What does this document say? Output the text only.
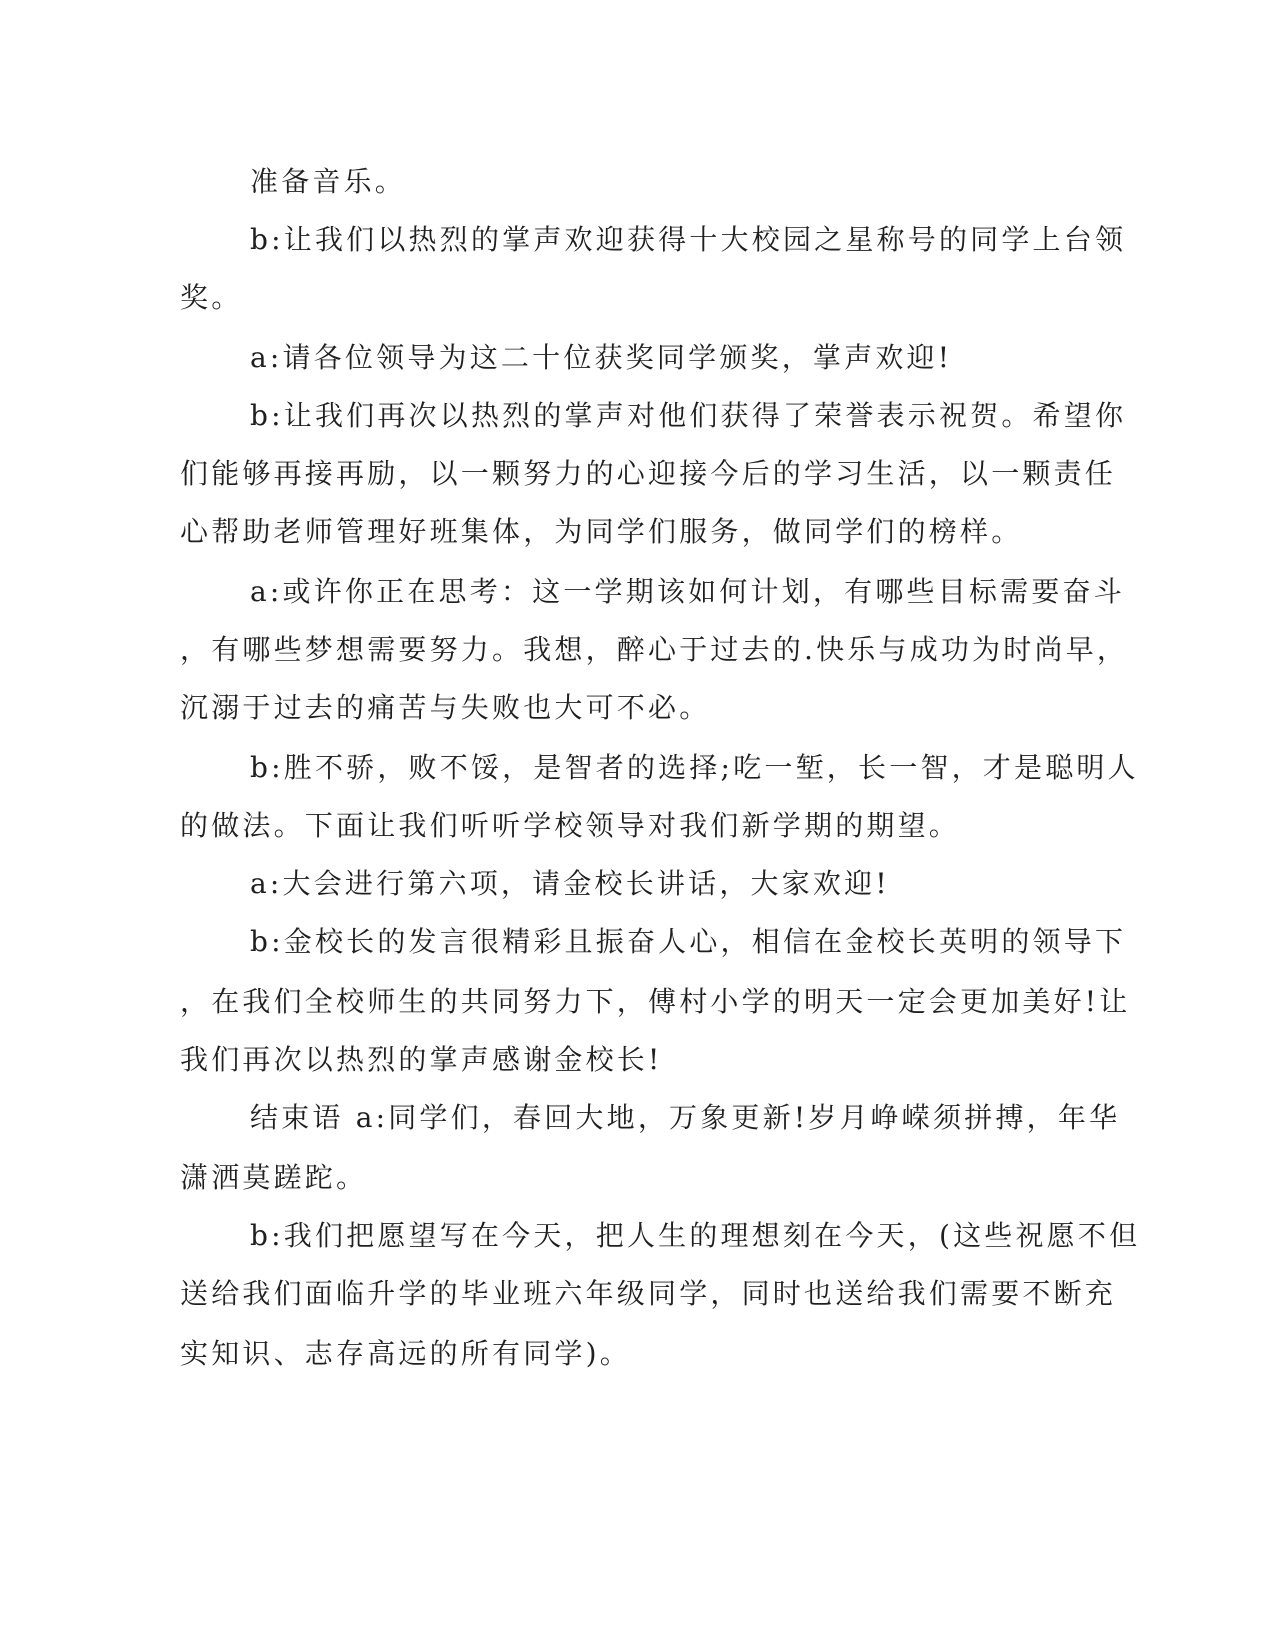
准备音乐。
b:让我们以热烈的掌声欢迎获得十大校园之星称号的同学上台领
奖。
a:请各位领导为这二十位获奖同学颁奖，掌声欢迎!
b:让我们再次以热烈的掌声对他们获得了荣誉表示祝贺。希望你
们能够再接再励，以一颗努力的心迎接今后的学习生活，以一颗责任
心帮助老师管理好班集体，为同学们服务，做同学们的榜样。
a:或许你正在思考：这一学期该如何计划，有哪些目标需要奋斗
，有哪些梦想需要努力。我想，醉心于过去的.快乐与成功为时尚早，
沉溺于过去的痛苦与失败也大可不必。
b:胜不骄，败不馁，是智者的选择;吃一堑，长一智，才是聪明人
的做法。下面让我们听听学校领导对我们新学期的期望。
a:大会进行第六项，请金校长讲话，大家欢迎!
b:金校长的发言很精彩且振奋人心，相信在金校长英明的领导下
，在我们全校师生的共同努力下，傅村小学的明天一定会更加美好!让
我们再次以热烈的掌声感谢金校长!
结束语 a:同学们，春回大地，万象更新!岁月峥嵘须拼搏，年华
潇洒莫蹉跎。
b:我们把愿望写在今天，把人生的理想刻在今天，(这些祝愿不但
送给我们面临升学的毕业班六年级同学，同时也送给我们需要不断充
实知识、志存高远的所有同学)。
